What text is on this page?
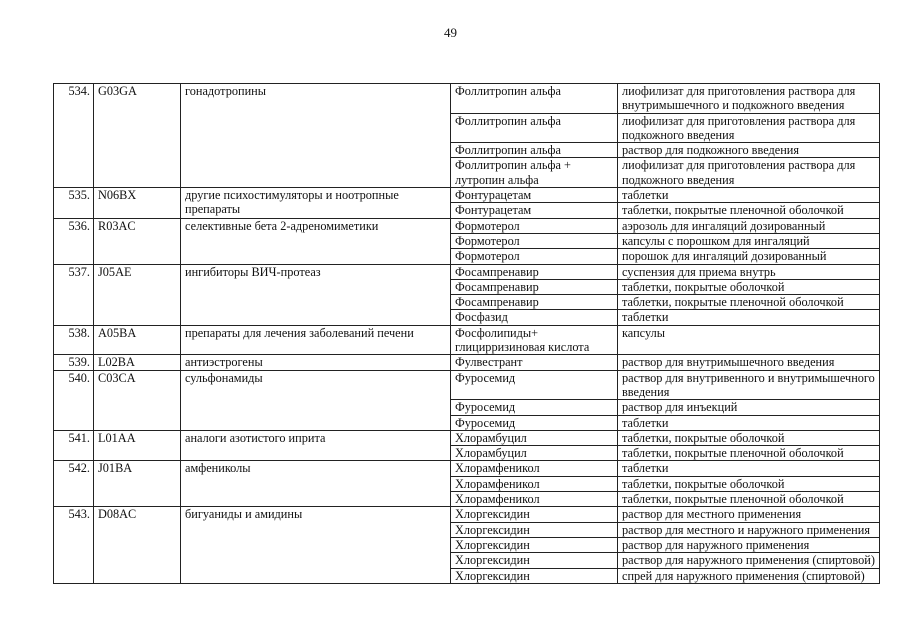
49
534.	G03GA	гонадотропины	Фоллитропин альфа	лиофилизат для приготовления раствора для внутримышечного и подкожного введения
			Фоллитропин альфа	лиофилизат для приготовления раствора для подкожного введения
			Фоллитропин альфа	раствор для подкожного введения
			Фоллитропин альфа + лутропин альфа	лиофилизат для приготовления раствора для подкожного введения
535.	N06BX	другие психостимуляторы и ноотропные препараты	Фонтурацетам	таблетки
			Фонтурацетам	таблетки, покрытые пленочной оболочкой
536.	R03AC	селективные бета 2-адреномиметики	Формотерол	аэрозоль для ингаляций дозированный
			Формотерол	капсулы с порошком для ингаляций
			Формотерол	порошок для ингаляций дозированный
537.	J05AE	ингибиторы ВИЧ-протеаз	Фосампренавир	суспензия для приема внутрь
			Фосампренавир	таблетки, покрытые оболочкой
			Фосампренавир	таблетки, покрытые пленочной оболочкой
			Фосфазид	таблетки
538.	A05BA	препараты для лечения заболеваний печени	Фосфолипиды+ глицирризиновая кислота	капсулы
539.	L02BA	антиэстрогены	Фулвестрант	раствор для внутримышечного введения
540.	C03CA	сульфонамиды	Фуросемид	раствор для внутривенного и внутримышечного введения
			Фуросемид	раствор для инъекций
			Фуросемид	таблетки
541.	L01AA	аналоги азотистого иприта	Хлорамбуцил	таблетки, покрытые оболочкой
			Хлорамбуцил	таблетки, покрытые пленочной оболочкой
542.	J01BA	амфениколы	Хлорамфеникол	таблетки
			Хлорамфеникол	таблетки, покрытые оболочкой
			Хлорамфеникол	таблетки, покрытые пленочной оболочкой
543.	D08AC	бигуаниды и амидины	Хлоргексидин	раствор для местного применения
			Хлоргексидин	раствор для местного и наружного применения
			Хлоргексидин	раствор для наружного применения
			Хлоргексидин	раствор для наружного применения (спиртовой)
			Хлоргексидин	спрей для наружного применения (спиртовой)
